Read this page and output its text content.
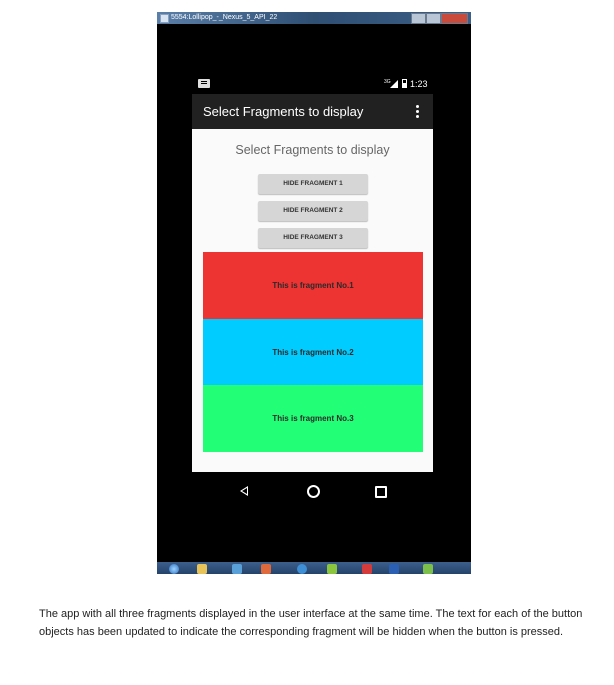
5554:Lollipop_-_Nexus_5_API_22
3G 1:23
Select Fragments to display
Select Fragments to display
HIDE FRAGMENT 1
HIDE FRAGMENT 2
HIDE FRAGMENT 3
This is fragment No.1
This is fragment No.2
This is fragment No.3

The app with all three fragments displayed in the user interface at the same time. The text for each of the button objects has been updated to indicate the corresponding fragment will be hidden when the button is pressed.
